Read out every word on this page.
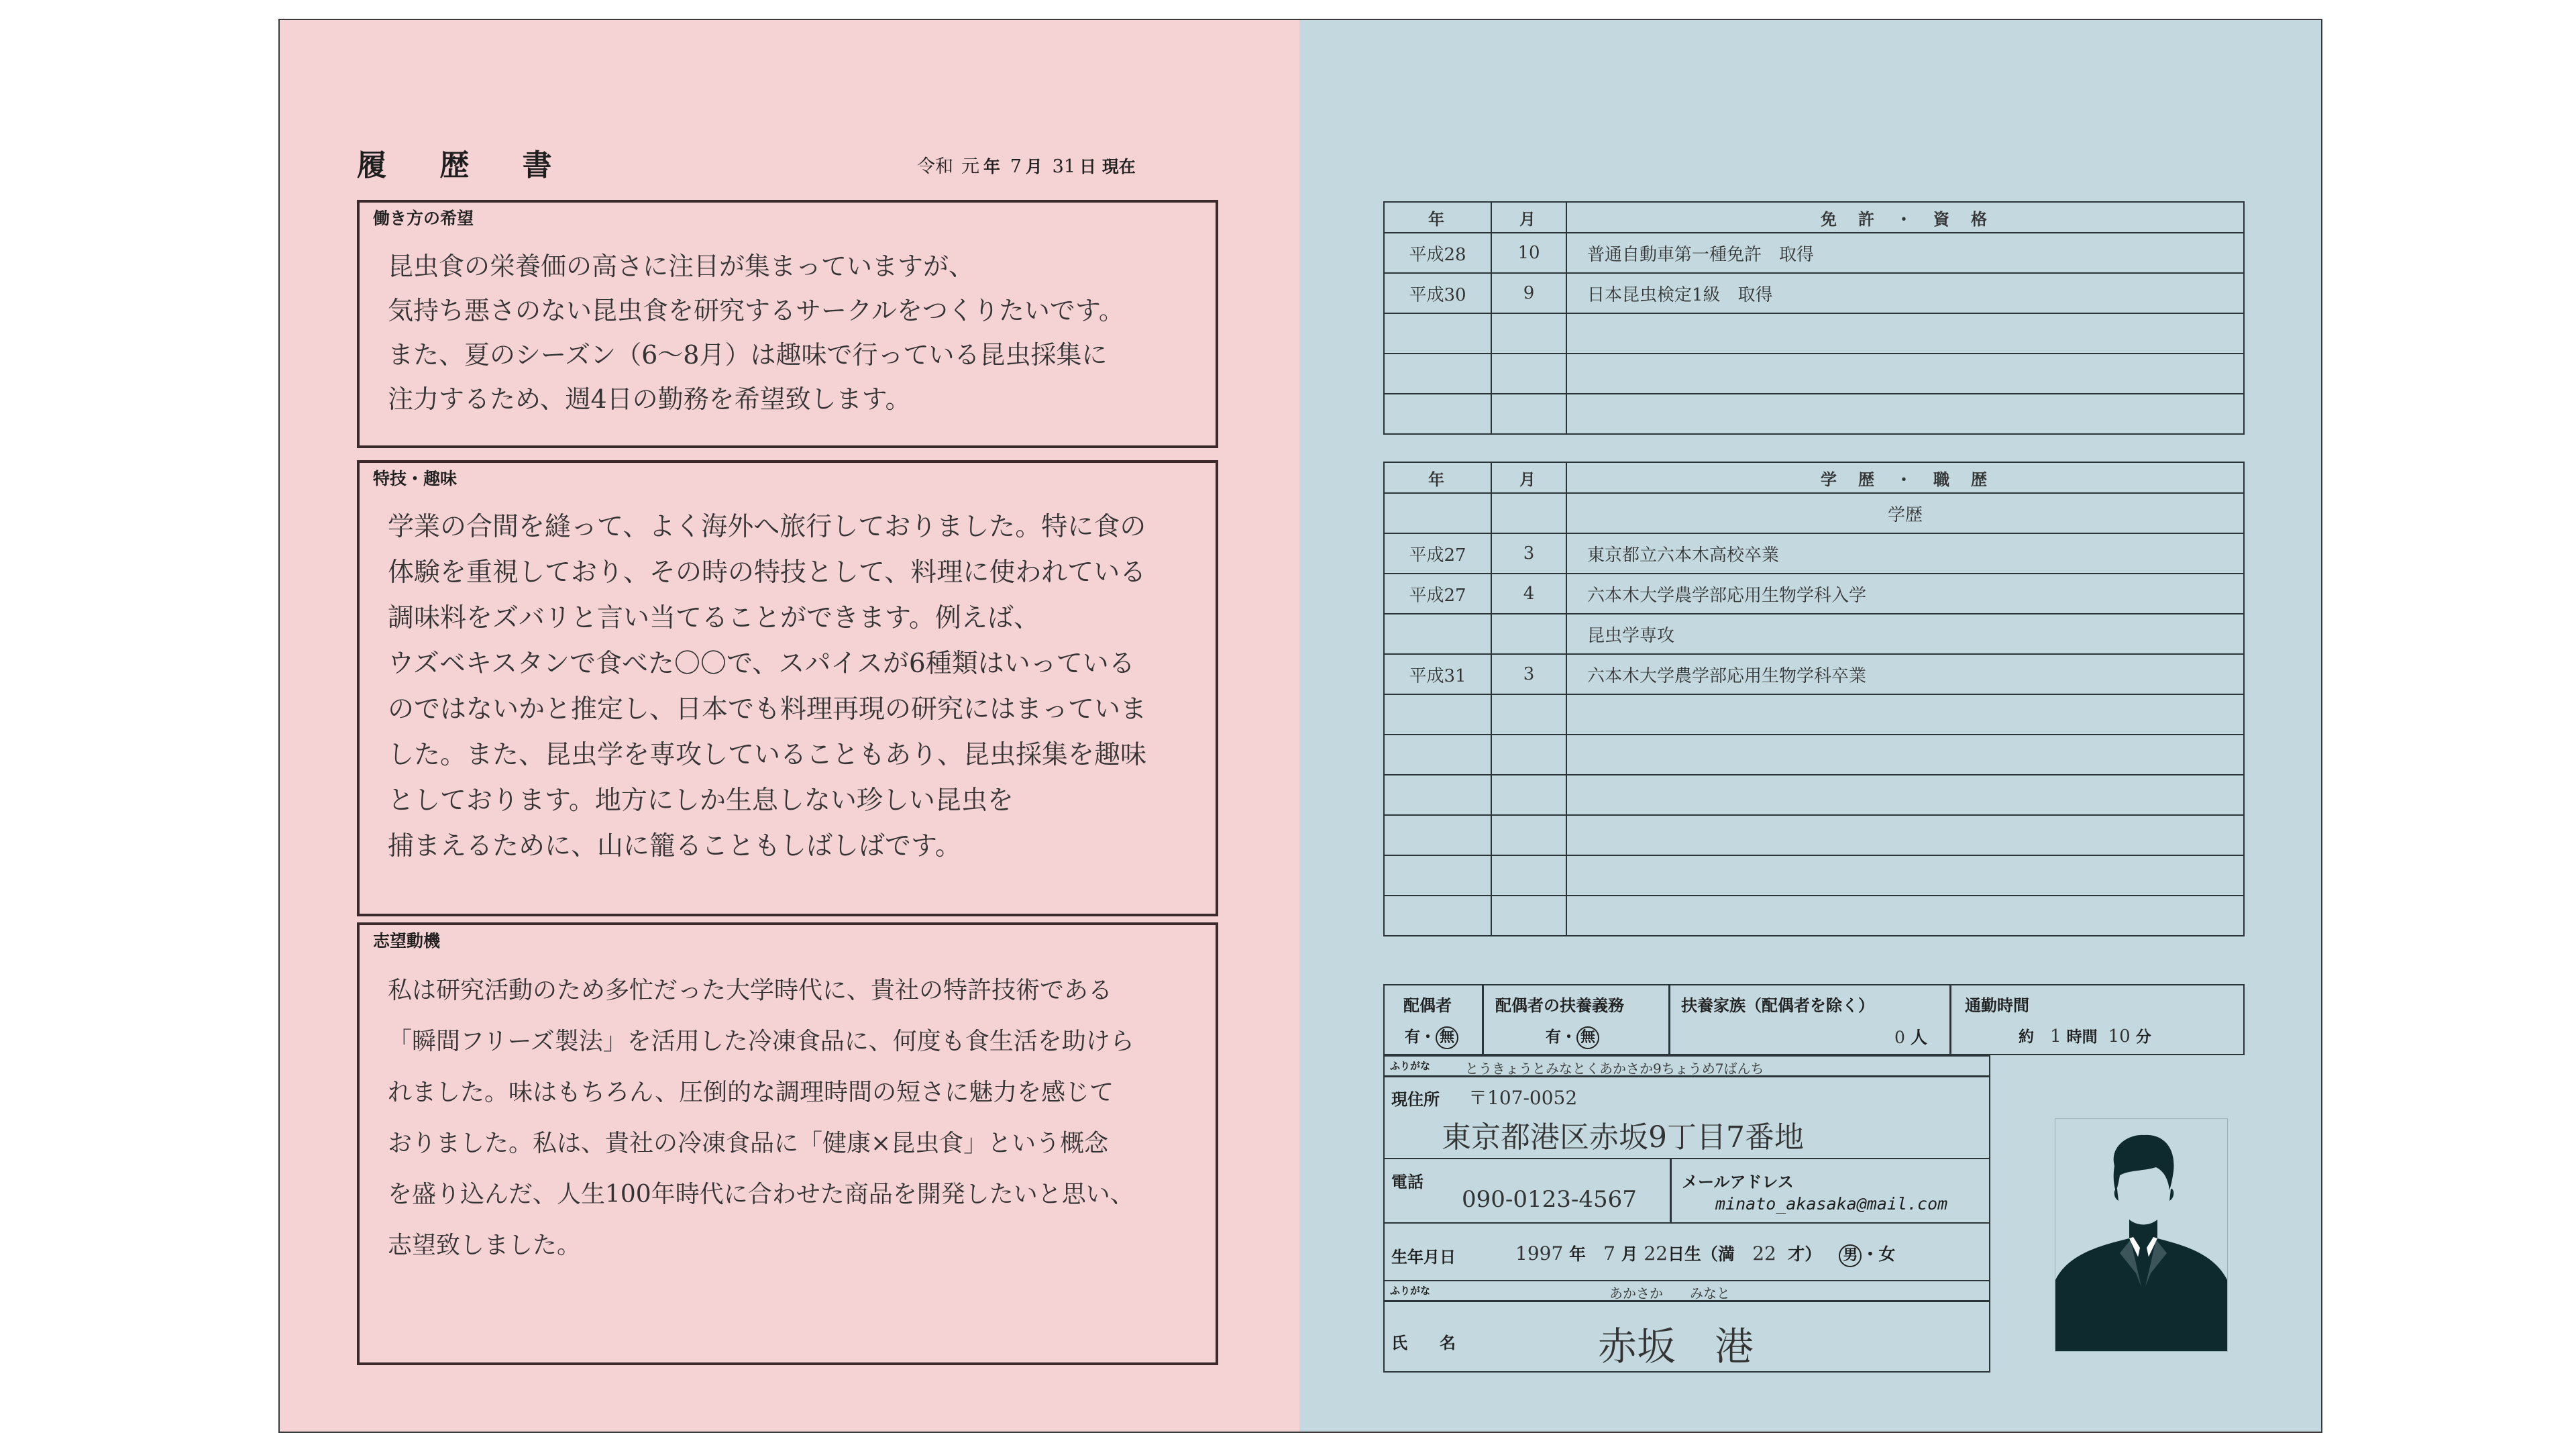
履 歴 書	令和 元 年 7 月 31 日 現在
働き方の希望
昆虫食の栄養価の高さに注目が集まっていますが、
気持ち悪さのない昆虫食を研究するサークルをつくりたいです。
また、夏のシーズン（6〜8月）は趣味で行っている昆虫採集に
注力するため、週4日の勤務を希望致します。
特技・趣味
学業の合間を縫って、よく海外へ旅行しておりました。特に食の
体験を重視しており、その時の特技として、料理に使われている
調味料をズバリと言い当てることができます。例えば、
ウズベキスタンで食べた〇〇で、スパイスが6種類はいっている
のではないかと推定し、日本でも料理再現の研究にはまっていま
した。また、昆虫学を専攻していることもあり、昆虫採集を趣味
としております。地方にしか生息しない珍しい昆虫を
捕まえるために、山に籠ることもしばしばです。
志望動機
私は研究活動のため多忙だった大学時代に、貴社の特許技術である
「瞬間フリーズ製法」を活用した冷凍食品に、何度も食生活を助けら
れました。味はもちろん、圧倒的な調理時間の短さに魅力を感じて
おりました。私は、貴社の冷凍食品に「健康×昆虫食」という概念
を盛り込んだ、人生100年時代に合わせた商品を開発したいと思い、
志望致しました。
年	月	免　許　・　資　格
平成28	10	普通自動車第一種免許　取得
平成30	9	日本昆虫検定1級　取得

年	月	学　歴　・　職　歴
		学歴
平成27	3	東京都立六本木高校卒業
平成27	4	六本木大学農学部応用生物学科入学
		昆虫学専攻
平成31	3	六本木大学農学部応用生物学科卒業

配偶者
有・ 無
配偶者の扶養義務
有・ 無
扶養家族（配偶者を除く）
0 人
通勤時間
約 1 時間 10 分
ふりがな	とうきょうとみなとくあかさか9ちょうめ7ばんち
現住所 〒107-0052
東京都港区赤坂9丁目7番地
電話
090-0123-4567
メールアドレス
minato_akasaka@mail.com
生年月日	1997 年 7 月 22日生（満 22 才） 男 ・女
ふりがな	あかさか　　みなと
氏　　名	赤坂　港
